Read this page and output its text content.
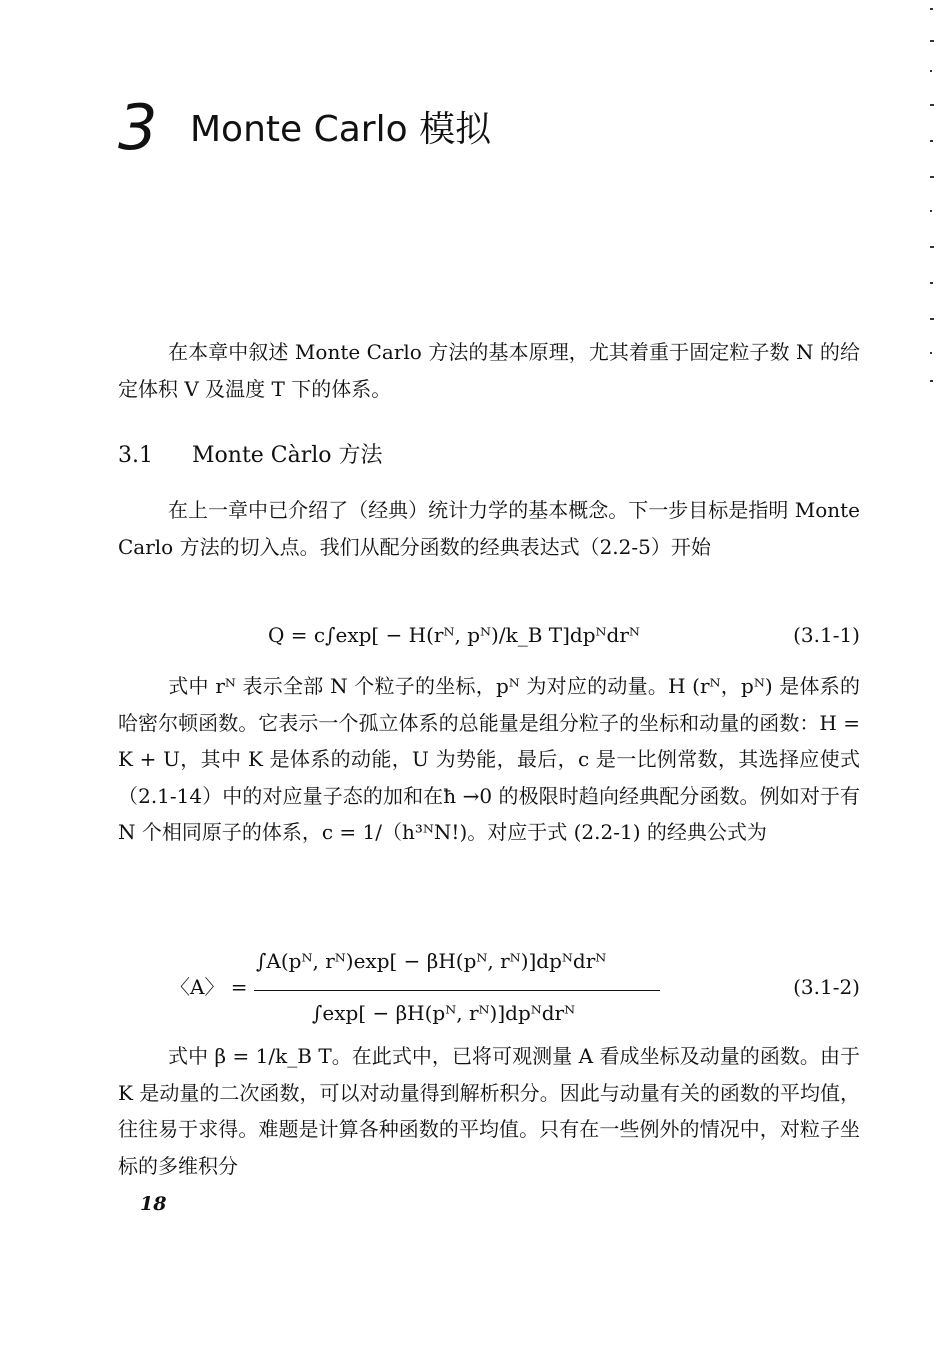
3 Monte Carlo 模拟

在本章中叙述 Monte Carlo 方法的基本原理，尤其着重于固定粒子数 N 的给定体积 V 及温度 T 下的体系。

3.1 Monte Càrlo 方法

在上一章中已介绍了（经典）统计力学的基本概念。下一步目标是指明 Monte Carlo 方法的切入点。我们从配分函数的经典表达式（2.2-5）开始

Q = c∫exp[ − H(rᴺ, pᴺ)/k_B T]dpᴺdrᴺ	(3.1-1)

式中 rᴺ 表示全部 N 个粒子的坐标，pᴺ 为对应的动量。H (rᴺ，pᴺ) 是体系的哈密尔顿函数。它表示一个孤立体系的总能量是组分粒子的坐标和动量的函数：H = K + U，其中 K 是体系的动能，U 为势能，最后，c 是一比例常数，其选择应使式（2.1-14）中的对应量子态的加和在ħ →0 的极限时趋向经典配分函数。例如对于有 N 个相同原子的体系，c = 1/（h³ᴺN!)。对应于式 (2.2-1) 的经典公式为

〈A〉 =
∫A(pᴺ, rᴺ)exp[ − βH(pᴺ, rᴺ)]dpᴺdrᴺ
∫exp[ − βH(pᴺ, rᴺ)]dpᴺdrᴺ
(3.1-2)

式中 β = 1/k_B T。在此式中，已将可观测量 A 看成坐标及动量的函数。由于 K 是动量的二次函数，可以对动量得到解析积分。因此与动量有关的函数的平均值，往往易于求得。难题是计算各种函数的平均值。只有在一些例外的情况中，对粒子坐标的多维积分

18
